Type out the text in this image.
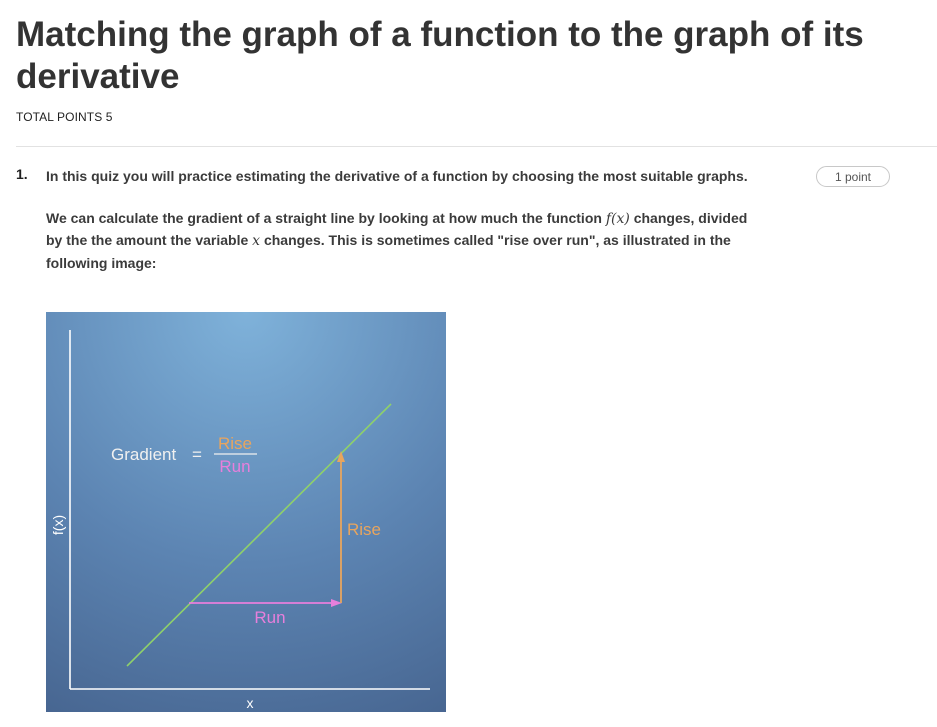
Matching the graph of a function to the graph of its derivative
TOTAL POINTS 5
1.	1 point

In this quiz you will practice estimating the derivative of a function by choosing the most suitable graphs.

We can calculate the gradient of a straight line by looking at how much the function f(x) changes, divided by the the amount the variable x changes. This is sometimes called "rise over run", as illustrated in the following image:

Gradient =
Rise
Run
Rise
Run
f(x)
x
